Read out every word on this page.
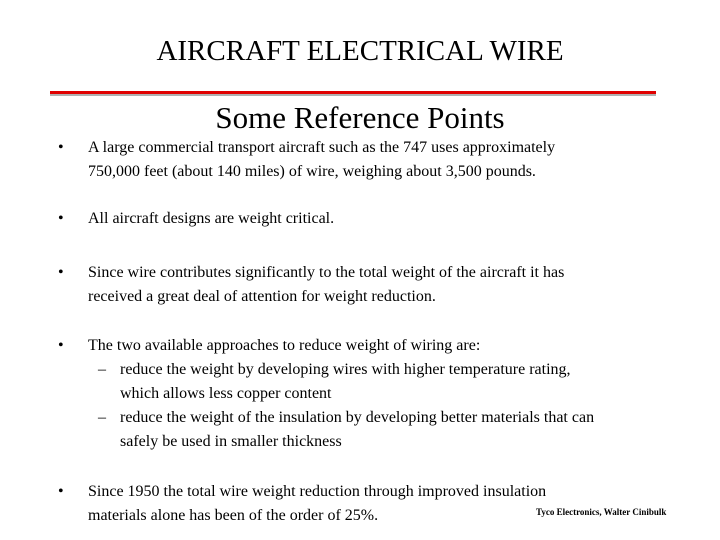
AIRCRAFT ELECTRICAL WIRE
Some Reference Points
• A large commercial transport aircraft such as the 747 uses approximately

750,000 feet (about 140 miles) of wire, weighing about 3,500 pounds.

• All aircraft designs are weight critical.

• Since wire contributes significantly to the total weight of the aircraft it has

received a great deal of attention for weight reduction.

• The two available approaches to reduce weight of wiring are:

– reduce the weight by developing wires with higher temperature rating,
which allows less copper content
– reduce the weight of the insulation by developing better materials that can
safely be used in smaller thickness
• Since 1950 the total wire weight reduction through improved insulation

materials alone has been of the order of 25%.	Tyco Electronics, Walter Cinibulk
